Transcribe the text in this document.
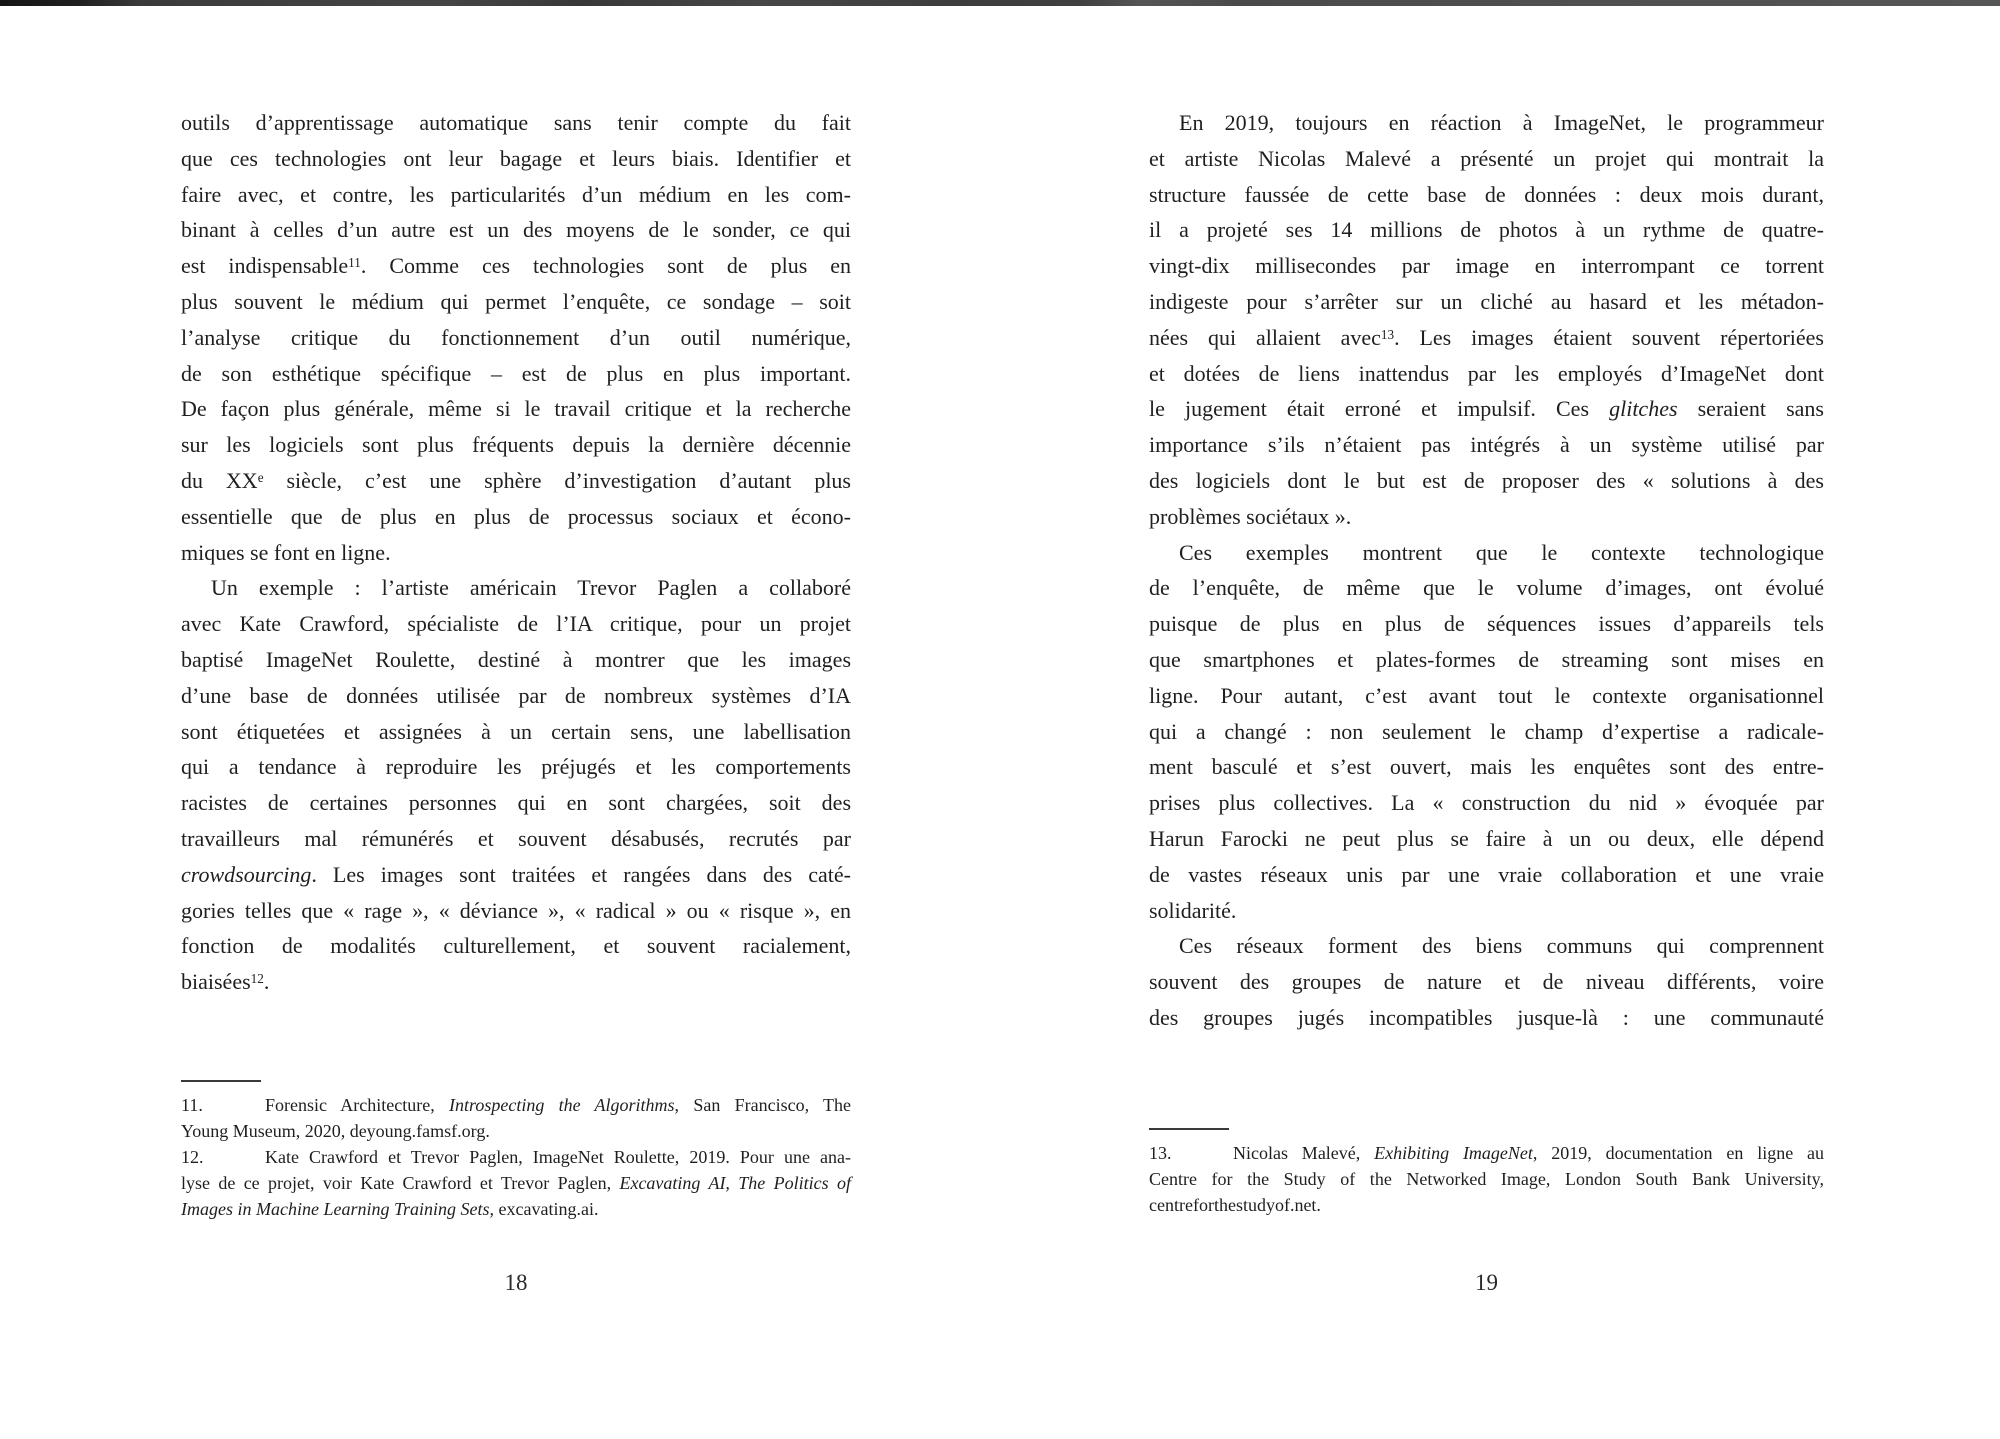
outils d’apprentissage automatique sans tenir compte du fait
que ces technologies ont leur bagage et leurs biais. Identifier et
faire avec, et contre, les particularités d’un médium en les com-
binant à celles d’un autre est un des moyens de le sonder, ce qui
est indispensable$^{11}$. Comme ces technologies sont de plus en
plus souvent le médium qui permet l’enquête, ce sondage – soit
l’analyse critique du fonctionnement d’un outil numérique,
de son esthétique spécifique – est de plus en plus important.
De façon plus générale, même si le travail critique et la recherche
sur les logiciels sont plus fréquents depuis la dernière décennie
du XXe siècle, c’est une sphère d’investigation d’autant plus
essentielle que de plus en plus de processus sociaux et écono-
miques se font en ligne.
Un exemple : l’artiste américain Trevor Paglen a collaboré
avec Kate Crawford, spécialiste de l’IA critique, pour un projet
baptisé ImageNet Roulette, destiné à montrer que les images
d’une base de données utilisée par de nombreux systèmes d’IA
sont étiquetées et assignées à un certain sens, une labellisation
qui a tendance à reproduire les préjugés et les comportements
racistes de certaines personnes qui en sont chargées, soit des
travailleurs mal rémunérés et souvent désabusés, recrutés par
crowdsourcing. Les images sont traitées et rangées dans des caté-
gories telles que « rage », « déviance », « radical » ou « risque », en
fonction de modalités culturellement, et souvent racialement,
biaisées$^{12}$.
11.	Forensic Architecture, Introspecting the Algorithms, San Francisco, The
Young Museum, 2020, deyoung.famsf.org.
12.	Kate Crawford et Trevor Paglen, ImageNet Roulette, 2019. Pour une ana-
lyse de ce projet, voir Kate Crawford et Trevor Paglen, Excavating AI, The Politics of
Images in Machine Learning Training Sets, excavating.ai.
18
En 2019, toujours en réaction à ImageNet, le programmeur
et artiste Nicolas Malevé a présenté un projet qui montrait la
structure faussée de cette base de données : deux mois durant,
il a projeté ses 14 millions de photos à un rythme de quatre-
vingt-dix millisecondes par image en interrompant ce torrent
indigeste pour s’arrêter sur un cliché au hasard et les métadon-
nées qui allaient avec$^{13}$. Les images étaient souvent répertoriées
et dotées de liens inattendus par les employés d’ImageNet dont
le jugement était erroné et impulsif. Ces glitches seraient sans
importance s’ils n’étaient pas intégrés à un système utilisé par
des logiciels dont le but est de proposer des « solutions à des
problèmes sociétaux ».
Ces exemples montrent que le contexte technologique
de l’enquête, de même que le volume d’images, ont évolué
puisque de plus en plus de séquences issues d’appareils tels
que smartphones et plates-formes de streaming sont mises en
ligne. Pour autant, c’est avant tout le contexte organisationnel
qui a changé : non seulement le champ d’expertise a radicale-
ment basculé et s’est ouvert, mais les enquêtes sont des entre-
prises plus collectives. La « construction du nid » évoquée par
Harun Farocki ne peut plus se faire à un ou deux, elle dépend
de vastes réseaux unis par une vraie collaboration et une vraie
solidarité.
Ces réseaux forment des biens communs qui comprennent
souvent des groupes de nature et de niveau différents, voire
des groupes jugés incompatibles jusque-là : une communauté
13.	Nicolas Malevé, Exhibiting ImageNet, 2019, documentation en ligne au
Centre for the Study of the Networked Image, London South Bank University,
centreforthestudyof.net.
19
